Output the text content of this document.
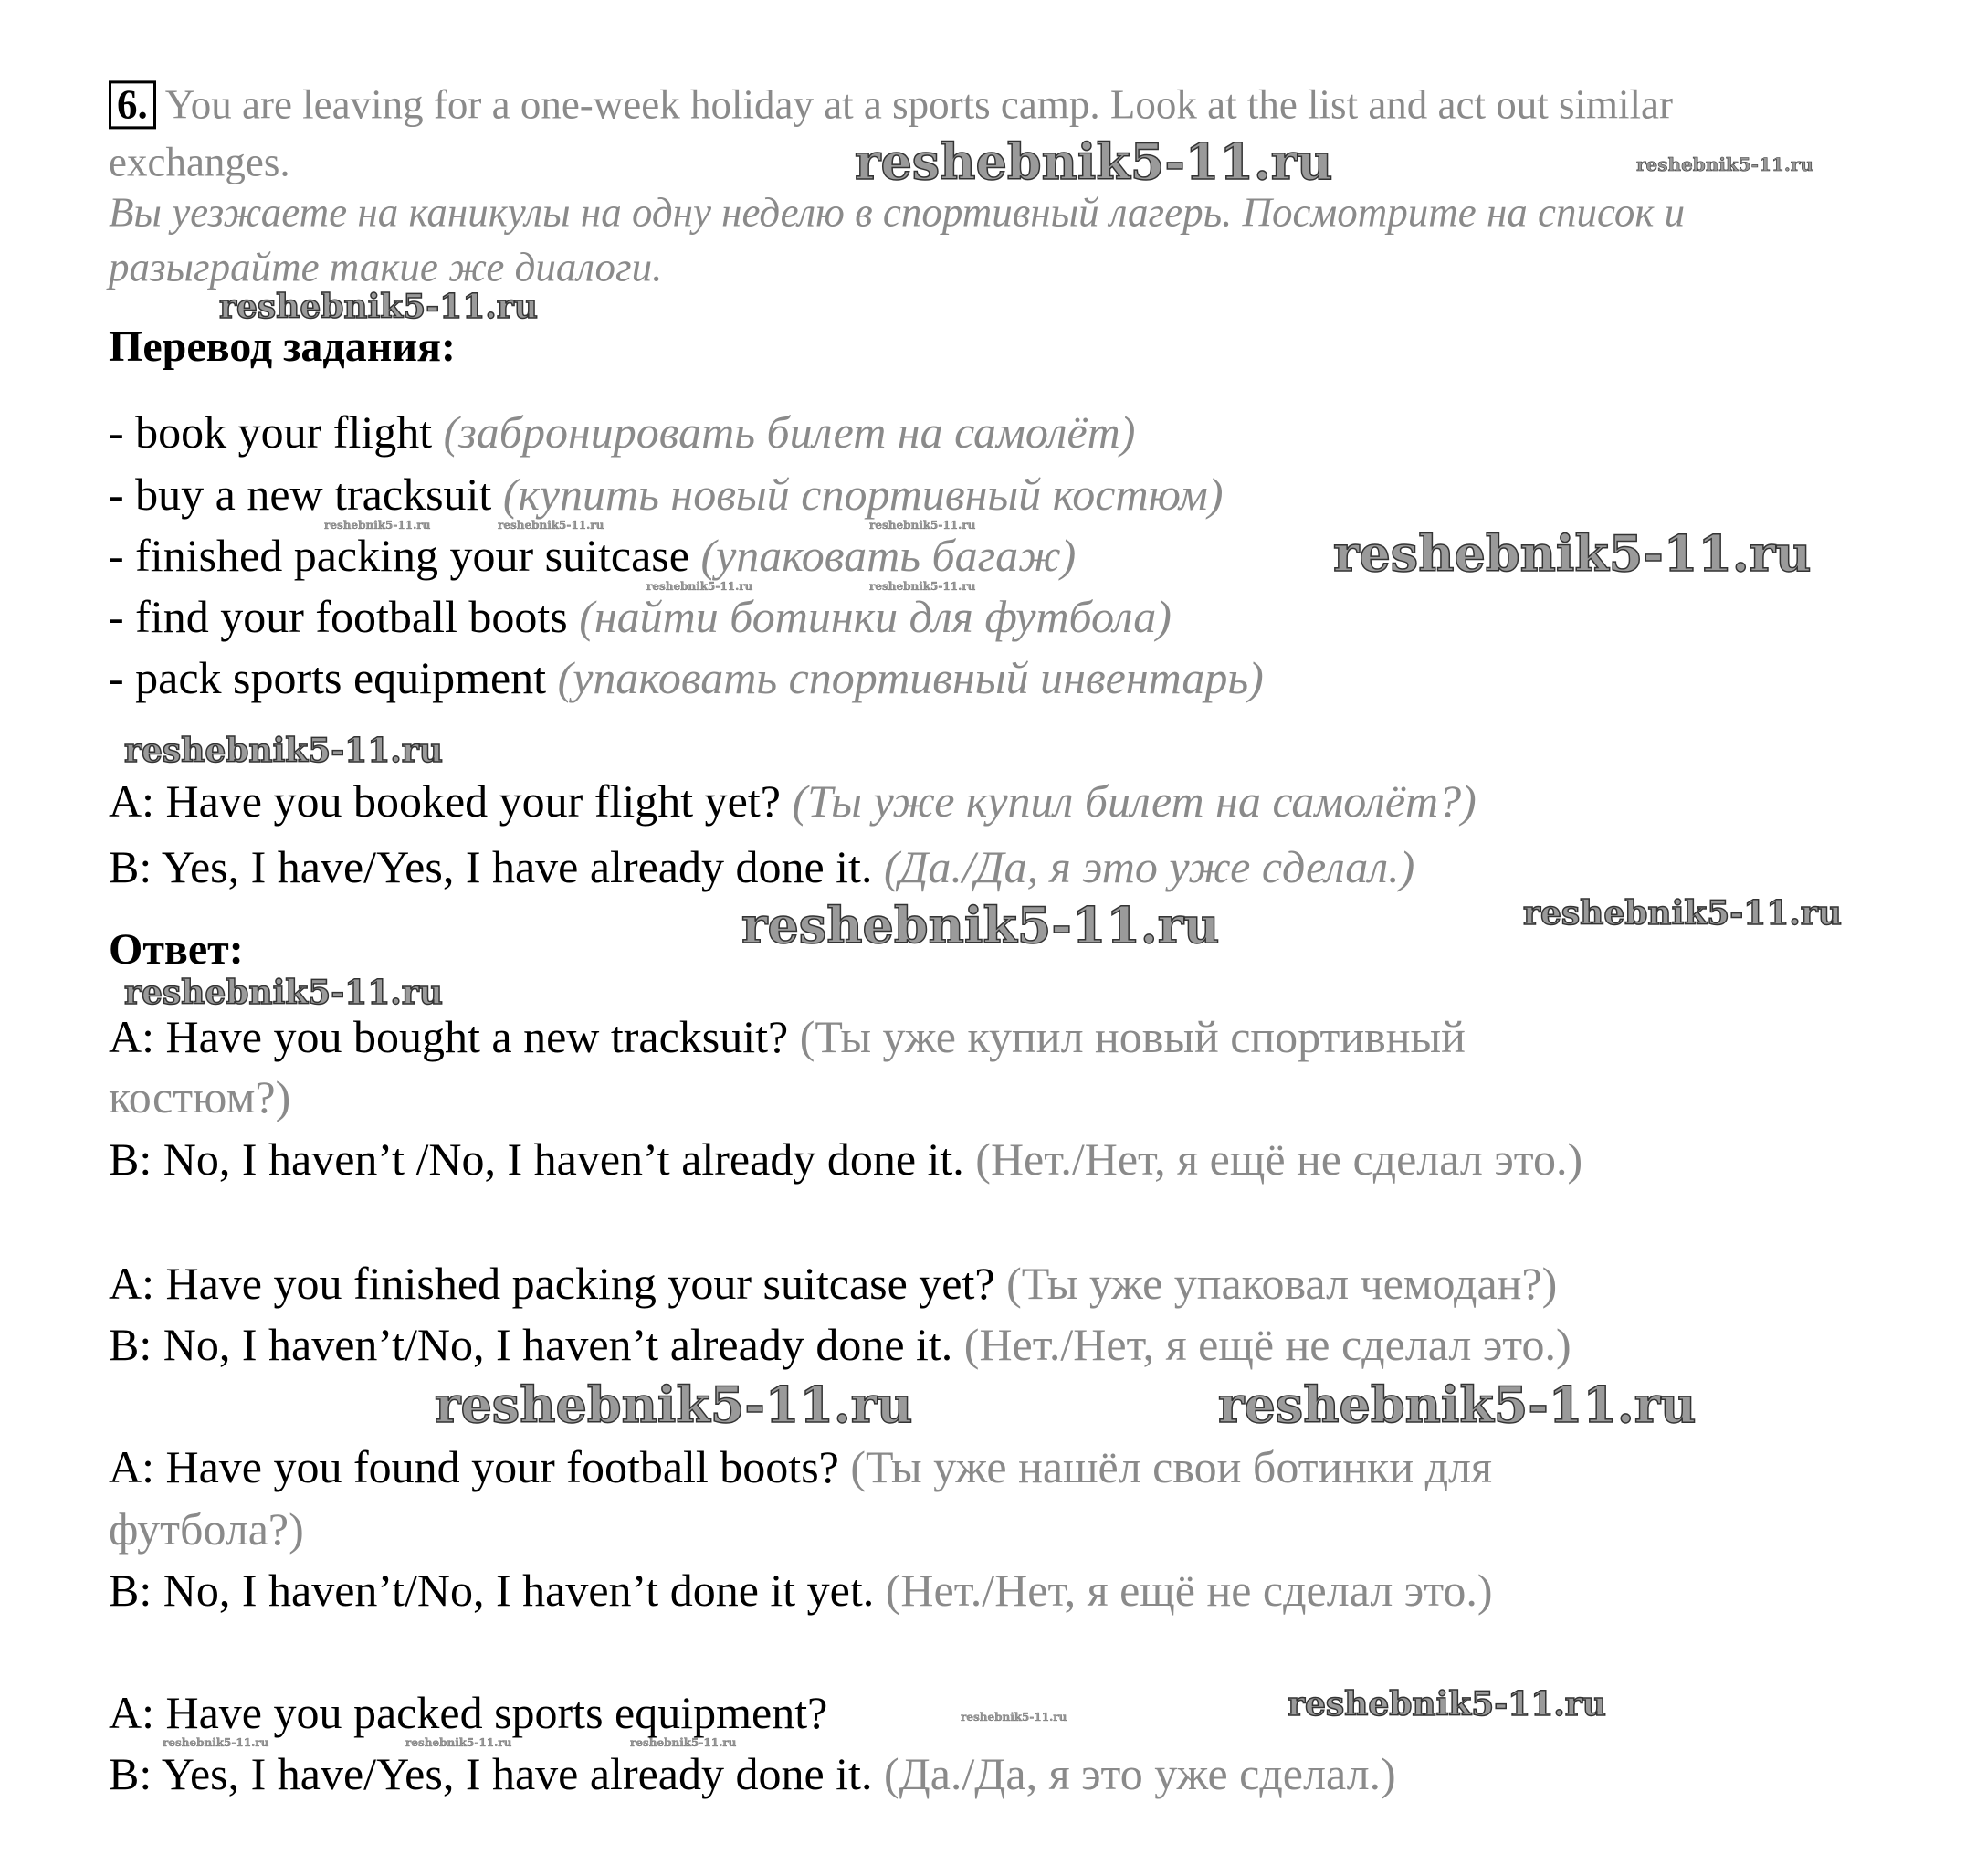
6. You are leaving for a one-week holiday at a sports camp. Look at the list and act out similar
exchanges.
Вы уезжаете на каникулы на одну неделю в спортивный лагерь. Посмотрите на список и
разыграйте такие же диалоги.
Перевод задания:
- book your flight (забронировать билет на самолёт)
- buy a new tracksuit (купить новый спортивный костюм)
- finished packing your suitcase (упаковать багаж)
- find your football boots (найти ботинки для футбола)
- pack sports equipment (упаковать спортивный инвентарь)
A: Have you booked your flight yet? (Ты уже купил билет на самолёт?)
B: Yes, I have/Yes, I have already done it. (Да./Да, я это уже сделал.)
Ответ:
A: Have you bought a new tracksuit? (Ты уже купил новый спортивный
костюм?)
B: No, I haven’t /No, I haven’t already done it. (Нет./Нет, я ещё не сделал это.)
A: Have you finished packing your suitcase yet? (Ты уже упаковал чемодан?)
B: No, I haven’t/No, I haven’t already done it. (Нет./Нет, я ещё не сделал это.)
A: Have you found your football boots? (Ты уже нашёл свои ботинки для
футбола?)
B: No, I haven’t/No, I haven’t done it yet. (Нет./Нет, я ещё не сделал это.)
A: Have you packed sports equipment?
B: Yes, I have/Yes, I have already done it. (Да./Да, я это уже сделал.)
reshebnik5-11.ru	reshebnik5-11.ru
reshebnik5-11.ru
reshebnik5-11.ru
reshebnik5-11.ru	reshebnik5-11.ru	reshebnik5-11.ru
reshebnik5-11.ru	reshebnik5-11.ru
reshebnik5-11.ru
reshebnik5-11.ru	reshebnik5-11.ru
reshebnik5-11.ru
reshebnik5-11.ru	reshebnik5-11.ru
reshebnik5-11.ru
reshebnik5-11.ru	reshebnik5-11.ru	reshebnik5-11.ru
reshebnik5-11.ru
